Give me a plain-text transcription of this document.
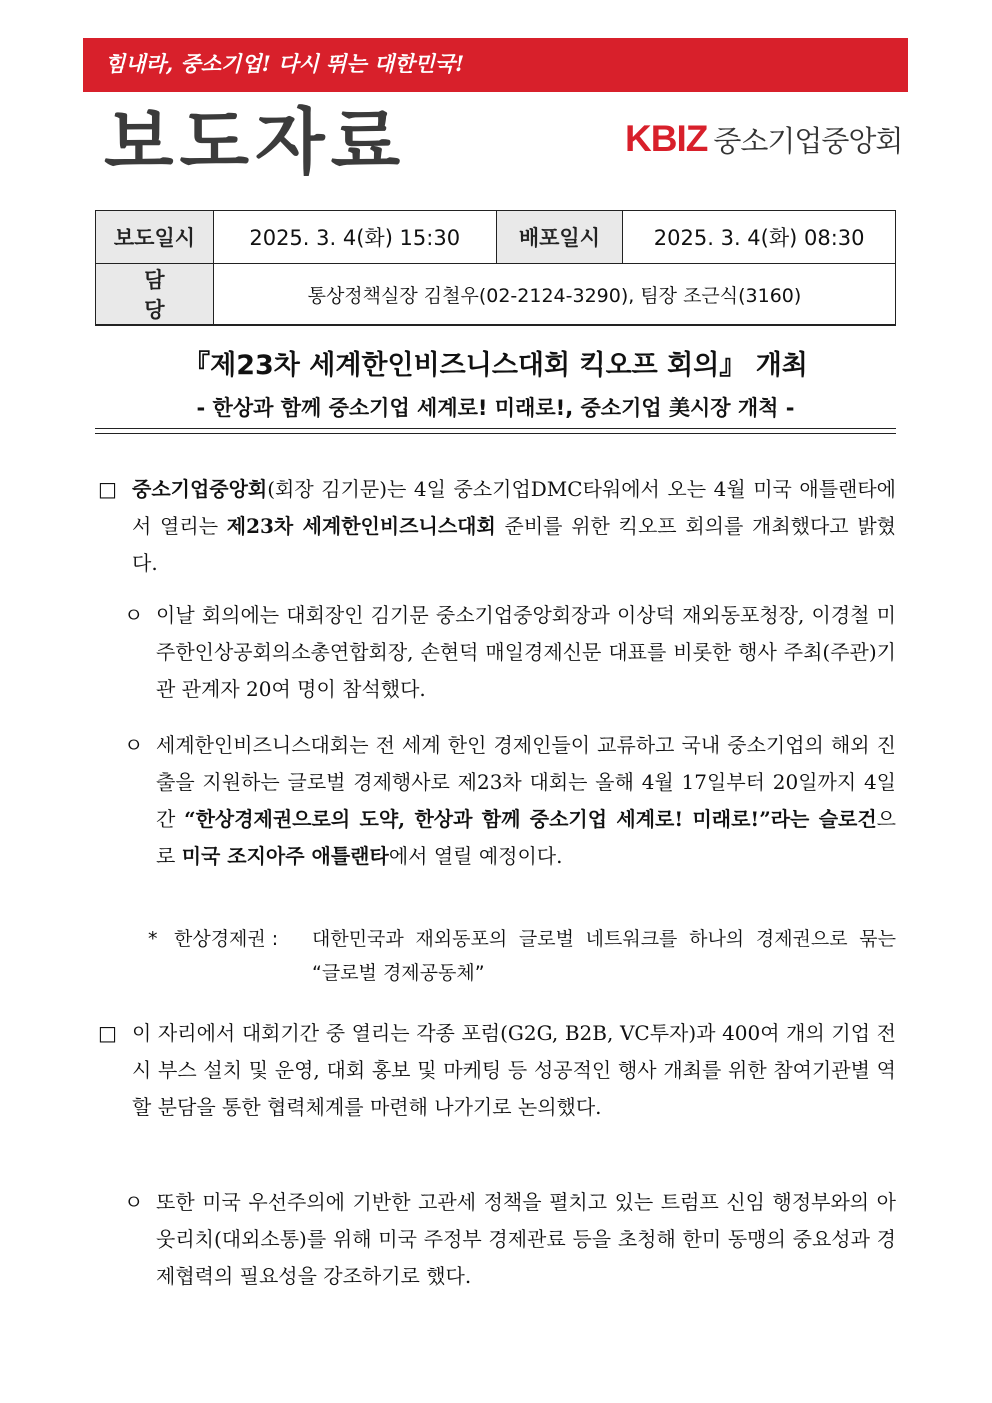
힘내라, 중소기업! 다시 뛰는 대한민국!
보도자료	KBIZ 중소기업중앙회
보도일시	2025. 3. 4(화) 15:30	배포일시	2025. 3. 4(화) 08:30
담 당	통상정책실장 김철우(02-2124-3290), 팀장 조근식(3160)		
『제23차 세계한인비즈니스대회 킥오프 회의』 개최
- 한상과 함께 중소기업 세계로! 미래로!, 중소기업 美시장 개척 -
□ 중소기업중앙회(회장 김기문)는 4일 중소기업DMC타워에서 오는 4월 미국 애틀랜타에서 열리는 제23차 세계한인비즈니스대회 준비를 위한 킥오프 회의를 개최했다고 밝혔다.
ㅇ 이날 회의에는 대회장인 김기문 중소기업중앙회장과 이상덕 재외동포청장, 이경철 미주한인상공회의소총연합회장, 손현덕 매일경제신문 대표를 비롯한 행사 주최(주관)기관 관계자 20여 명이 참석했다.
ㅇ 세계한인비즈니스대회는 전 세계 한인 경제인들이 교류하고 국내 중소기업의 해외 진출을 지원하는 글로벌 경제행사로 제23차 대회는 올해 4월 17일부터 20일까지 4일간 “한상경제권으로의 도약, 한상과 함께 중소기업 세계로! 미래로!”라는 슬로건으로 미국 조지아주 애틀랜타에서 열릴 예정이다.
* 한상경제권 :	대한민국과 재외동포의 글로벌 네트워크를 하나의 경제권으로 묶는 “글로벌 경제공동체”
□ 이 자리에서 대회기간 중 열리는 각종 포럼(G2G, B2B, VC투자)과 400여 개의 기업 전시 부스 설치 및 운영, 대회 홍보 및 마케팅 등 성공적인 행사 개최를 위한 참여기관별 역할 분담을 통한 협력체계를 마련해 나가기로 논의했다.
ㅇ 또한 미국 우선주의에 기반한 고관세 정책을 펼치고 있는 트럼프 신임 행정부와의 아웃리치(대외소통)를 위해 미국 주정부 경제관료 등을 초청해 한미 동맹의 중요성과 경제협력의 필요성을 강조하기로 했다.
